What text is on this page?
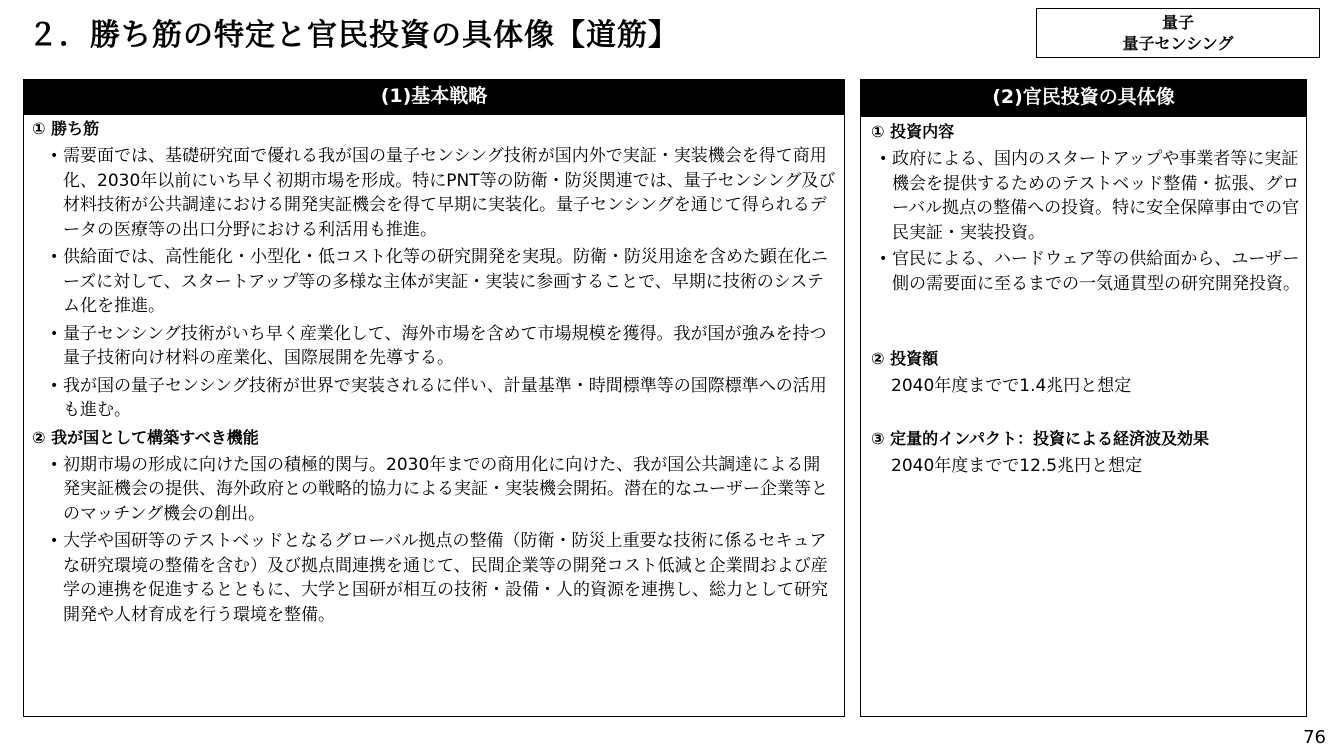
２．勝ち筋の特定と官民投資の具体像【道筋】	量子
量子センシング
(1)基本戦略
① 勝ち筋
• 需要面では、基礎研究面で優れる我が国の量子センシング技術が国内外で実証・実装機会を得て商用化、2030年以前にいち早く初期市場を形成。特にPNT等の防衛・防災関連では、量子センシング及び材料技術が公共調達における開発実証機会を得て早期に実装化。量子センシングを通じて得られるデータの医療等の出口分野における利活用も推進。
• 供給面では、高性能化・小型化・低コスト化等の研究開発を実現。防衛・防災用途を含めた顕在化ニーズに対して、スタートアップ等の多様な主体が実証・実装に参画することで、早期に技術のシステム化を推進。
• 量子センシング技術がいち早く産業化して、海外市場を含めて市場規模を獲得。我が国が強みを持つ量子技術向け材料の産業化、国際展開を先導する。
• 我が国の量子センシング技術が世界で実装されるに伴い、計量基準・時間標準等の国際標準への活用も進む。
② 我が国として構築すべき機能
• 初期市場の形成に向けた国の積極的関与。2030年までの商用化に向けた、我が国公共調達による開発実証機会の提供、海外政府との戦略的協力による実証・実装機会開拓。潜在的なユーザー企業等とのマッチング機会の創出。
• 大学や国研等のテストベッドとなるグローバル拠点の整備（防衛・防災上重要な技術に係るセキュアな研究環境の整備を含む）及び拠点間連携を通じて、民間企業等の開発コスト低減と企業間および産学の連携を促進するとともに、大学と国研が相互の技術・設備・人的資源を連携し、総力として研究開発や人材育成を行う環境を整備。
(2)官民投資の具体像
① 投資内容
• 政府による、国内のスタートアップや事業者等に実証機会を提供するためのテストベッド整備・拡張、グローバル拠点の整備への投資。特に安全保障事由での官民実証・実装投資。
• 官民による、ハードウェア等の供給面から、ユーザー側の需要面に至るまでの一気通貫型の研究開発投資。
② 投資額
2040年度までで1.4兆円と想定
③ 定量的インパクト：投資による経済波及効果
2040年度までで12.5兆円と想定
76
